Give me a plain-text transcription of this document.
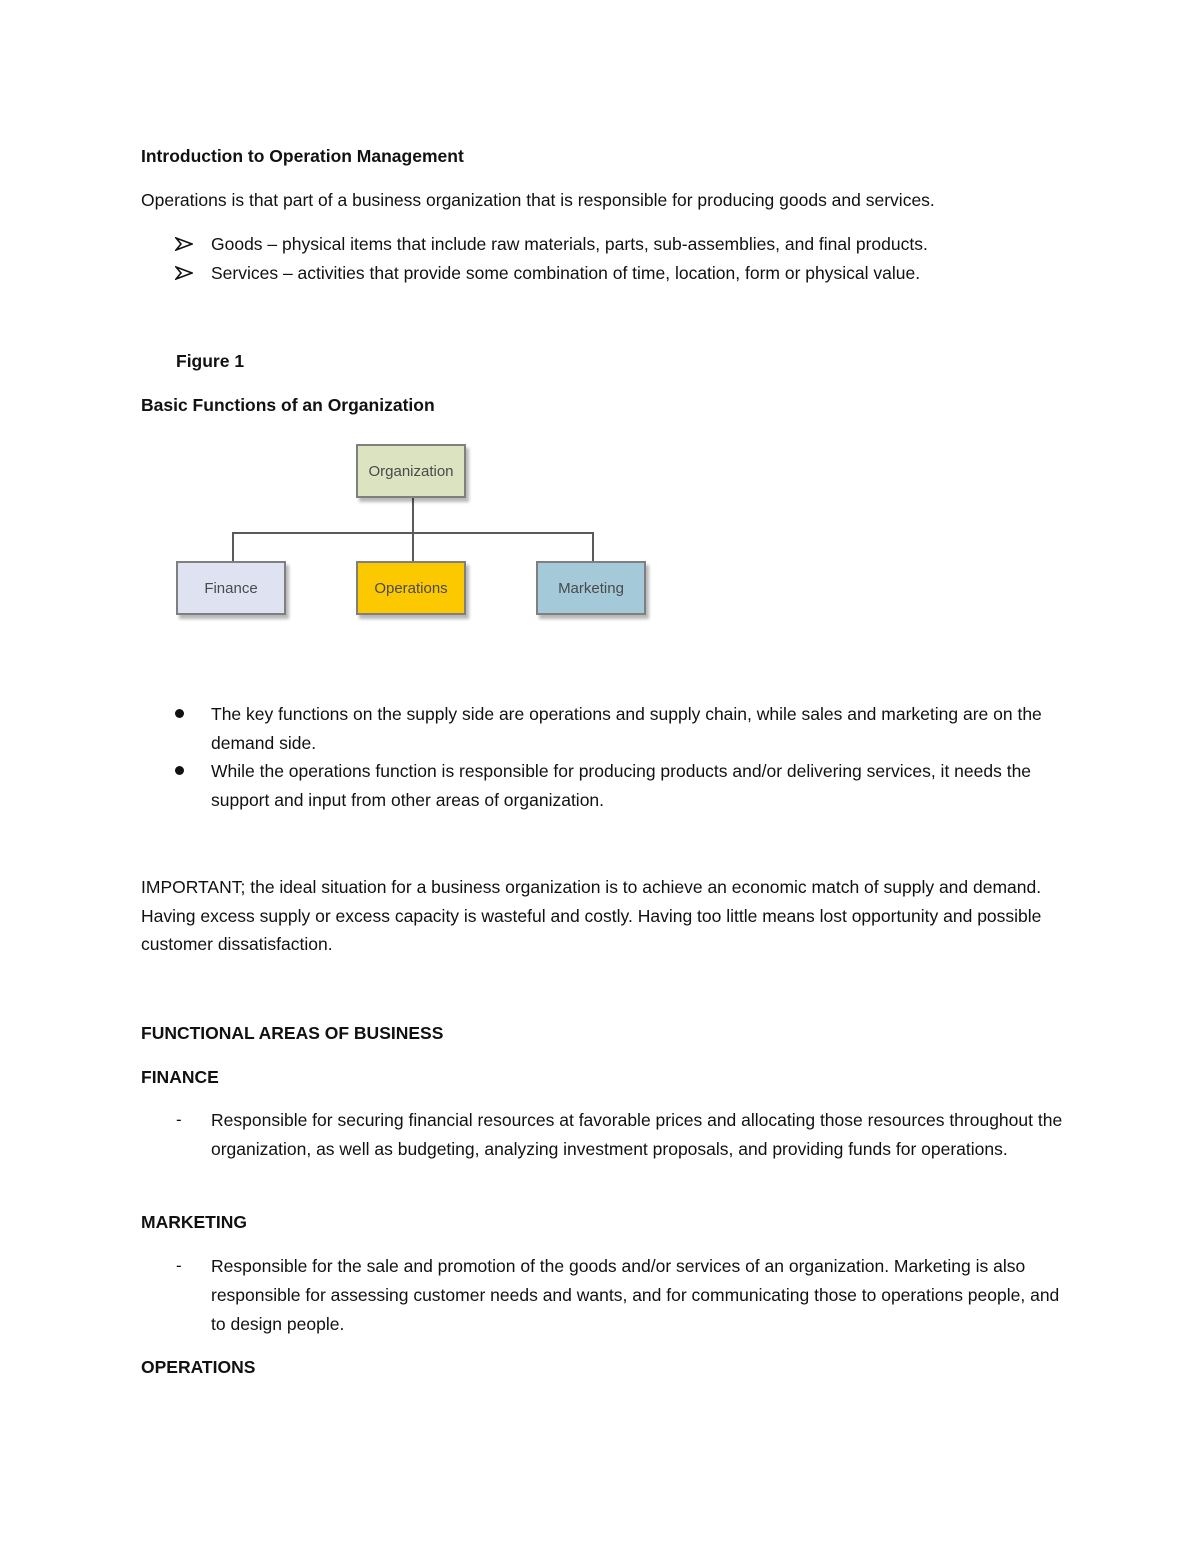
Introduction to Operation Management
Operations is that part of a business organization that is responsible for producing goods and services.
Goods – physical items that include raw materials, parts, sub-assemblies, and final products.
Services – activities that provide some combination of time, location, form or physical value.
Figure 1
Basic Functions of an Organization
Organization
Finance	Operations	Marketing
The key functions on the supply side are operations and supply chain, while sales and marketing are on the demand side.
While the operations function is responsible for producing products and/or delivering services, it needs the support and input from other areas of organization.
IMPORTANT; the ideal situation for a business organization is to achieve an economic match of supply and demand. Having excess supply or excess capacity is wasteful and costly. Having too little means lost opportunity and possible customer dissatisfaction.
FUNCTIONAL AREAS OF BUSINESS
FINANCE
- Responsible for securing financial resources at favorable prices and allocating those resources throughout the organization, as well as budgeting, analyzing investment proposals, and providing funds for operations.
MARKETING
- Responsible for the sale and promotion of the goods and/or services of an organization. Marketing is also responsible for assessing customer needs and wants, and for communicating those to operations people, and to design people.
OPERATIONS
